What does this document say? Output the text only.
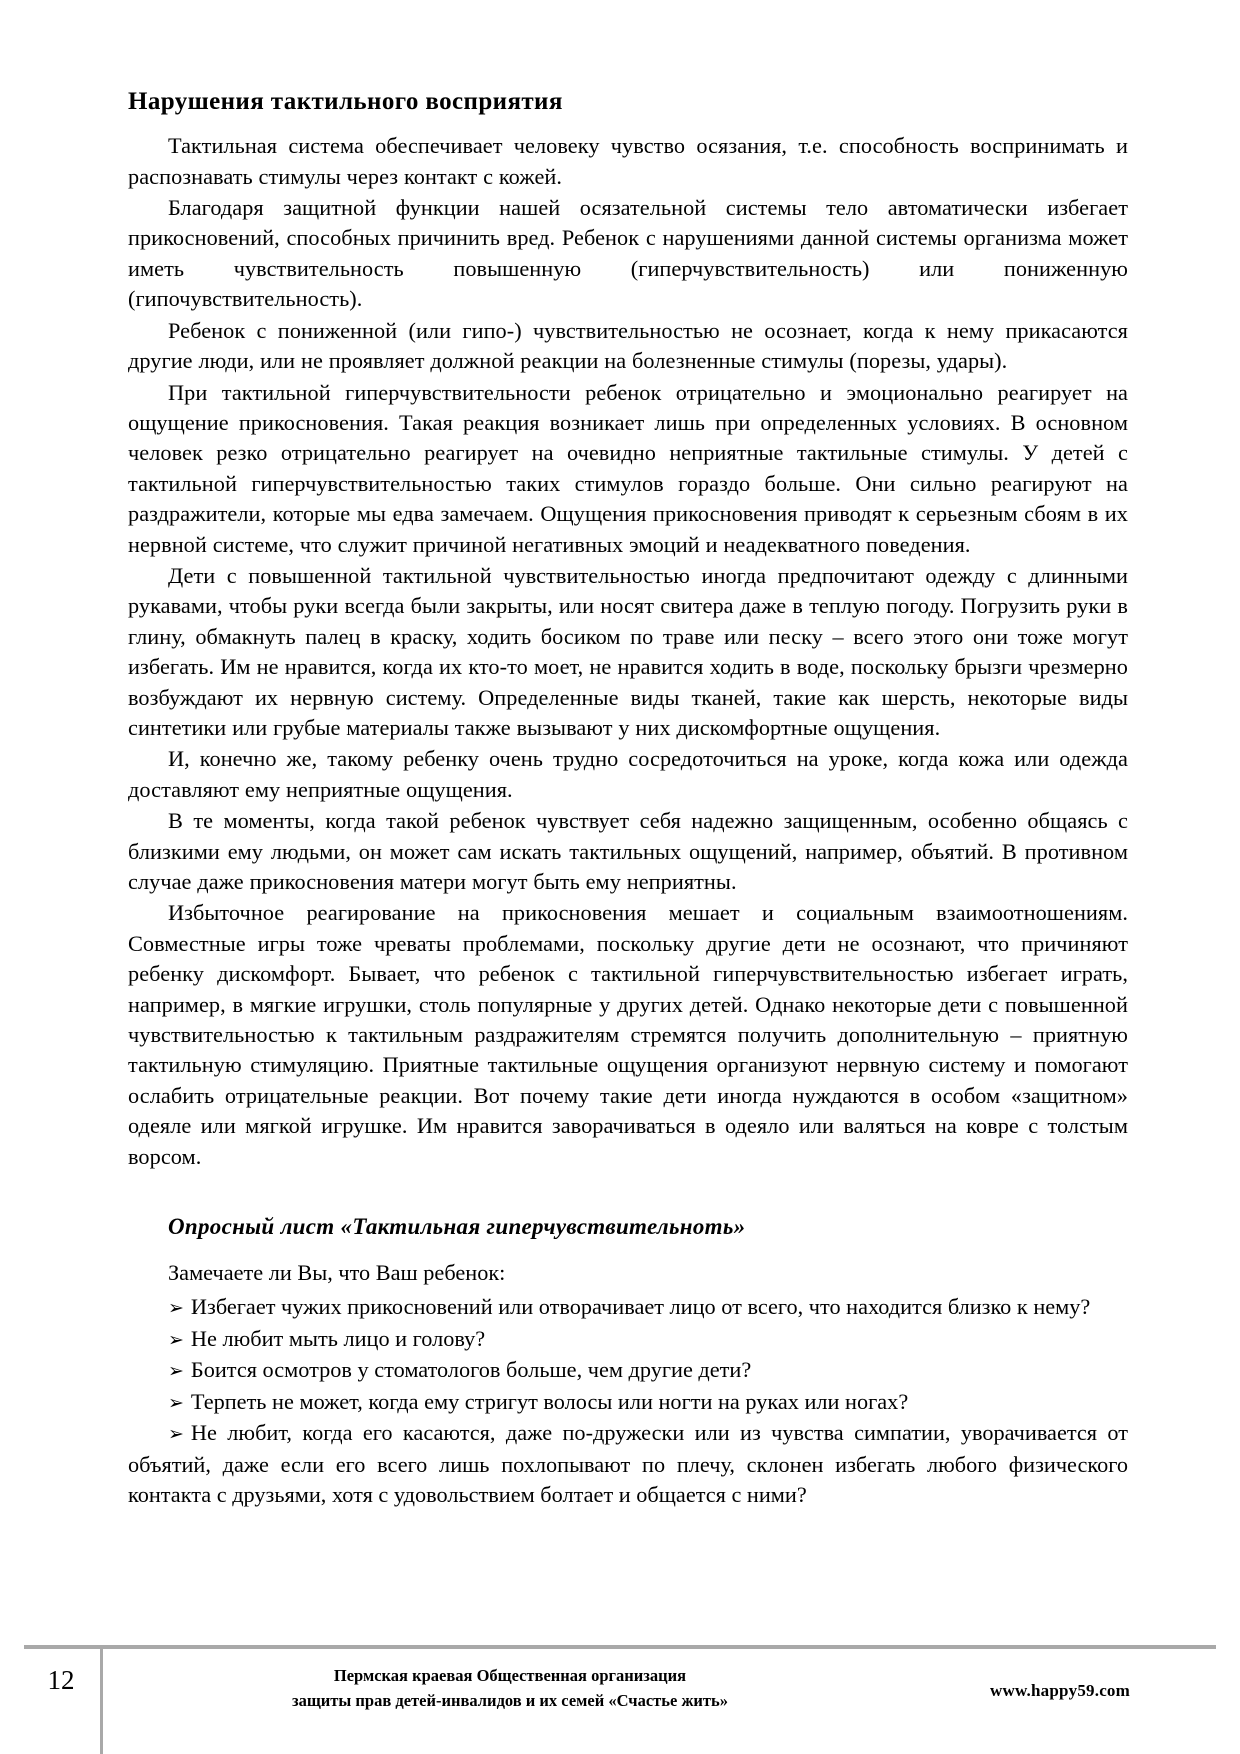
Нарушения тактильного восприятия

Тактильная система обеспечивает человеку чувство осязания, т.е. способность воспринимать и распознавать стимулы через контакт с кожей.

Благодаря защитной функции нашей осязательной системы тело автоматически избегает прикосновений, способных причинить вред. Ребенок с нарушениями данной системы организма может иметь чувствительность повышенную (гиперчувствительность) или пониженную (гипочувствительность).

Ребенок с пониженной (или гипо-) чувствительностью не осознает, когда к нему прикасаются другие люди, или не проявляет должной реакции на болезненные стимулы (порезы, удары).

При тактильной гиперчувствительности ребенок отрицательно и эмоционально реагирует на ощущение прикосновения. Такая реакция возникает лишь при определенных условиях. В основном человек резко отрицательно реагирует на очевидно неприятные тактильные стимулы. У детей с тактильной гиперчувствительностью таких стимулов гораздо больше. Они сильно реагируют на раздражители, которые мы едва замечаем. Ощущения прикосновения приводят к серьезным сбоям в их нервной системе, что служит причиной негативных эмоций и неадекватного поведения.

Дети с повышенной тактильной чувствительностью иногда предпочитают одежду с длинными рукавами, чтобы руки всегда были закрыты, или носят свитера даже в теплую погоду. Погрузить руки в глину, обмакнуть палец в краску, ходить босиком по траве или песку – всего этого они тоже могут избегать. Им не нравится, когда их кто-то моет, не нравится ходить в воде, поскольку брызги чрезмерно возбуждают их нервную систему. Определенные виды тканей, такие как шерсть, некоторые виды синтетики или грубые материалы также вызывают у них дискомфортные ощущения.

И, конечно же, такому ребенку очень трудно сосредоточиться на уроке, когда кожа или одежда доставляют ему неприятные ощущения.

В те моменты, когда такой ребенок чувствует себя надежно защищенным, особенно общаясь с близкими ему людьми, он может сам искать тактильных ощущений, например, объятий. В противном случае даже прикосновения матери могут быть ему неприятны.

Избыточное реагирование на прикосновения мешает и социальным взаимоотношениям. Совместные игры тоже чреваты проблемами, поскольку другие дети не осознают, что причиняют ребенку дискомфорт. Бывает, что ребенок с тактильной гиперчувствительностью избегает играть, например, в мягкие игрушки, столь популярные у других детей. Однако некоторые дети с повышенной чувствительностью к тактильным раздражителям стремятся получить дополнительную – приятную тактильную стимуляцию. Приятные тактильные ощущения организуют нервную систему и помогают ослабить отрицательные реакции. Вот почему такие дети иногда нуждаются в особом «защитном» одеяле или мягкой игрушке. Им нравится заворачиваться в одеяло или валяться на ковре с толстым ворсом.

Опросный лист «Тактильная гиперчувствительноть»

Замечаете ли Вы, что Ваш ребенок:

➢ Избегает чужих прикосновений или отворачивает лицо от всего, что находится близко к нему?
➢ Не любит мыть лицо и голову?
➢ Боится осмотров у стоматологов больше, чем другие дети?
➢ Терпеть не может, когда ему стригут волосы или ногти на руках или ногах?
➢ Не любит, когда его касаются, даже по-дружески или из чувства симпатии, уворачивается от объятий, даже если его всего лишь похлопывают по плечу, склонен избегать любого физического контакта с друзьями, хотя с удовольствием болтает и общается с ними?
12	Пермская краевая Общественная организация
защиты прав детей-инвалидов и их семей «Счастье жить»
www.happy59.com
